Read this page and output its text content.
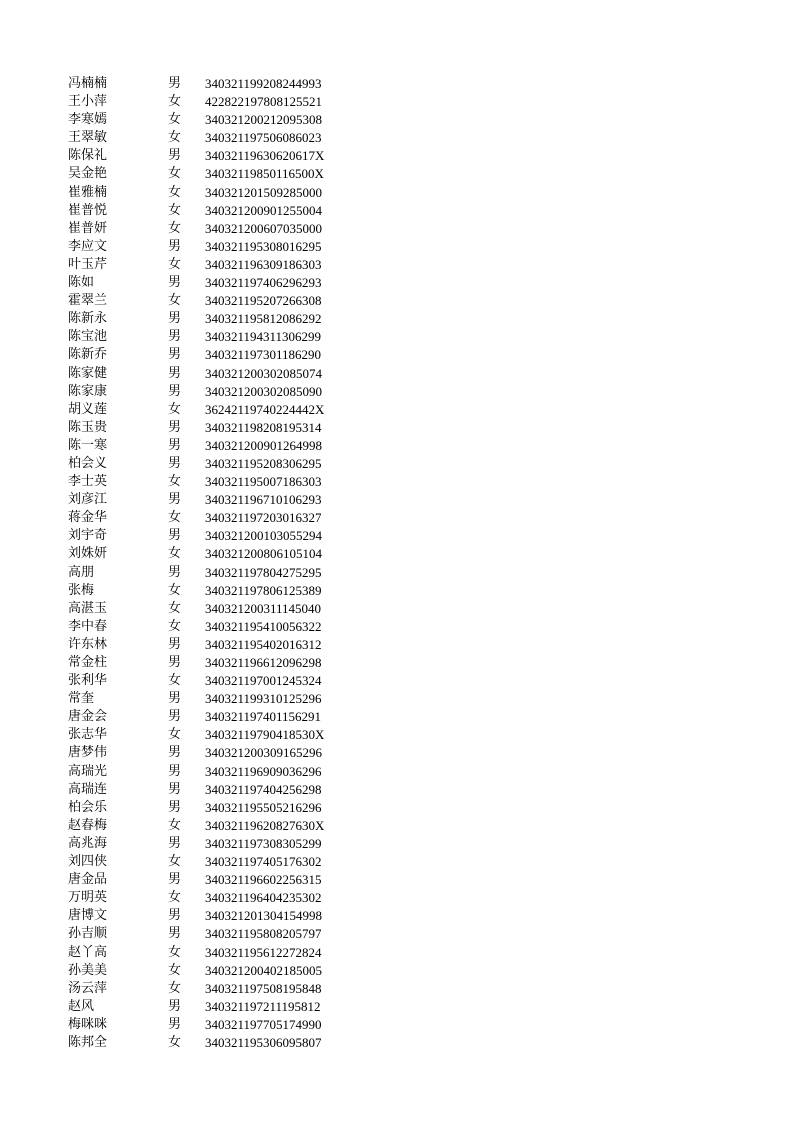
冯楠楠	男 340321199208244993
王小萍	女 422822197808125521
李寒嫣	女 340321200212095308
王翠敏	女 340321197506086023
陈保礼	男 34032119630620617X
吴金艳	女 34032119850116500X
崔雅楠	女 340321201509285000
崔普悦	女 340321200901255004
崔普妍	女 340321200607035000
李应文	男 340321195308016295
叶玉芹	女 340321196309186303
陈如	男 340321197406296293
霍翠兰	女 340321195207266308
陈新永	男 340321195812086292
陈宝池	男 340321194311306299
陈新乔	男 340321197301186290
陈家健	男 340321200302085074
陈家康	男 340321200302085090
胡义莲	女 36242119740224442X
陈玉贵	男 340321198208195314
陈一寒	男 340321200901264998
柏会义	男 340321195208306295
李士英	女 340321195007186303
刘彦江	男 340321196710106293
蒋金华	女 340321197203016327
刘宇奇	男 340321200103055294
刘姝妍	女 340321200806105104
高朋	男 340321197804275295
张梅	女 340321197806125389
高湛玉	女 340321200311145040
李中春	女 340321195410056322
许东林	男 340321195402016312
常金柱	男 340321196612096298
张利华	女 340321197001245324
常奎	男 340321199310125296
唐金会	男 340321197401156291
张志华	女 34032119790418530X
唐梦伟	男 340321200309165296
高瑞光	男 340321196909036296
高瑞连	男 340321197404256298
柏会乐	男 340321195505216296
赵春梅	女 34032119620827630X
高兆海	男 340321197308305299
刘四侠	女 340321197405176302
唐金品	男 340321196602256315
万明英	女 340321196404235302
唐博文	男 340321201304154998
孙吉顺	男 340321195808205797
赵丫高	女 340321195612272824
孙美美	女 340321200402185005
汤云萍	女 340321197508195848
赵风	男 340321197211195812
梅咪咪	男 340321197705174990
陈邦全	女 340321195306095807
